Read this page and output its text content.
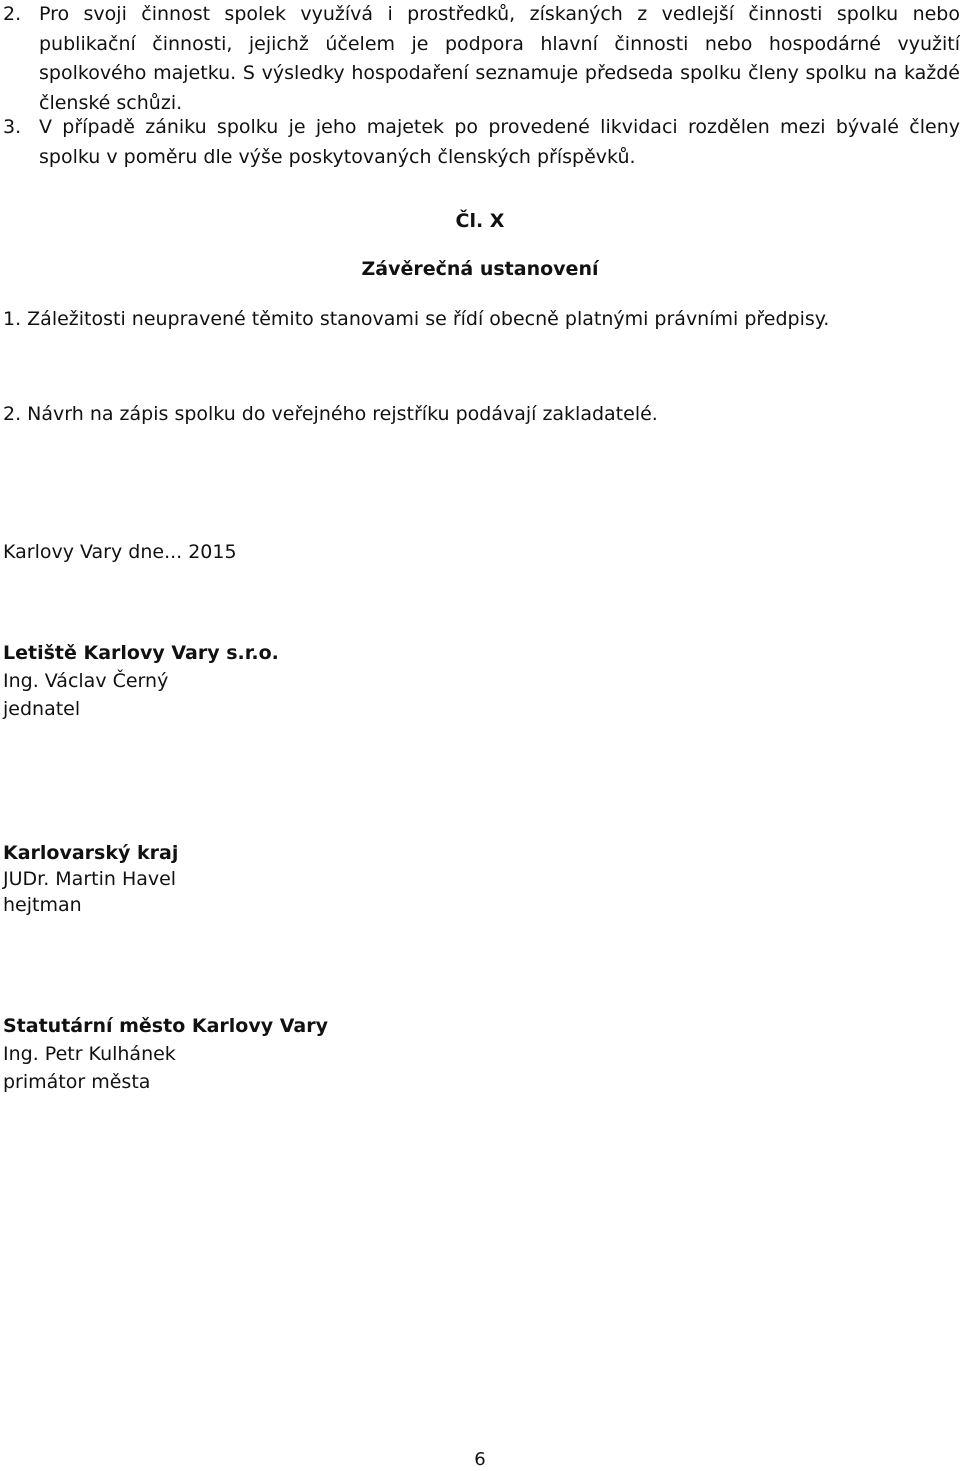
2. Pro svoji činnost spolek využívá i prostředků, získaných z vedlejší činnosti spolku nebo publikační činnosti, jejichž účelem je podpora hlavní činnosti nebo hospodárné využití spolkového majetku. S výsledky hospodaření seznamuje předseda spolku členy spolku na každé členské schůzi.
3. V případě zániku spolku je jeho majetek po provedené likvidaci rozdělen mezi bývalé členy spolku v poměru dle výše poskytovaných členských příspěvků.
Čl. X
Závěrečná ustanovení
1. Záležitosti neupravené těmito stanovami se řídí obecně platnými právními předpisy.
2. Návrh na zápis spolku do veřejného rejstříku podávají zakladatelé.
Karlovy Vary dne... 2015
Letiště Karlovy Vary s.r.o.
Ing. Václav Černý
jednatel
Karlovarský kraj
JUDr. Martin Havel
hejtman
Statutární město Karlovy Vary
Ing. Petr Kulhánek
primátor města
6
